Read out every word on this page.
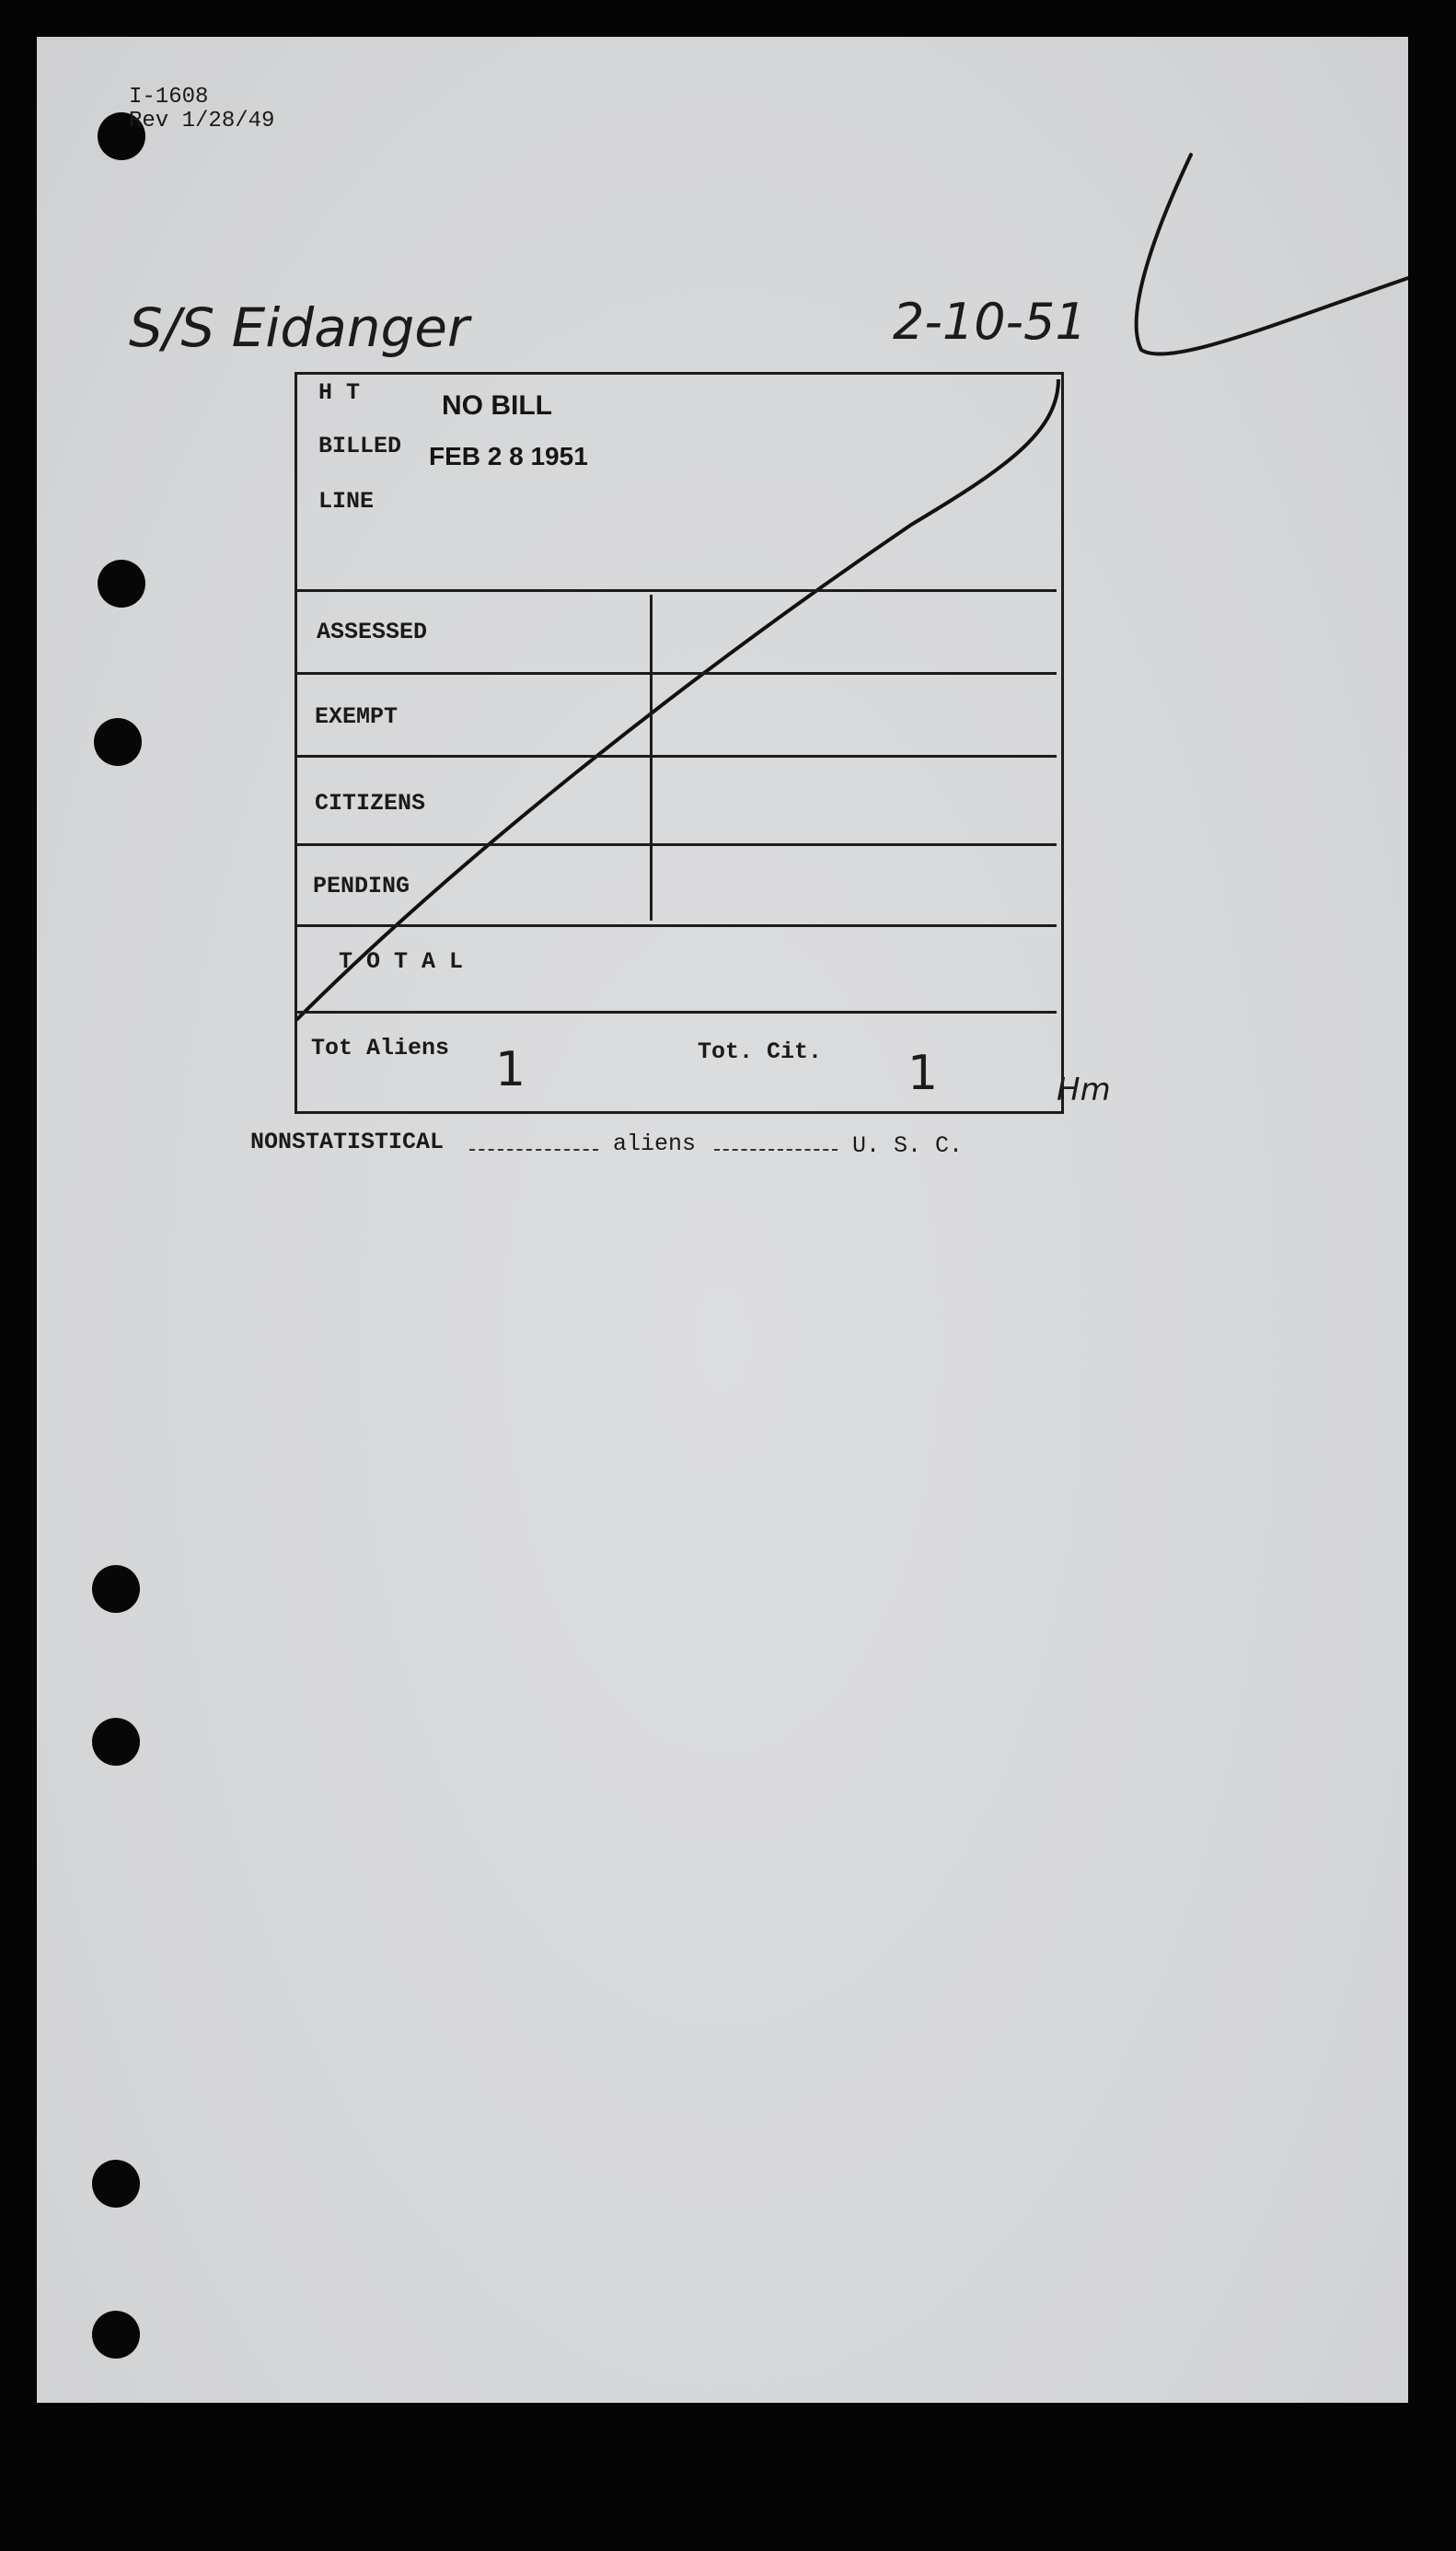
I-1608
Rev 1/28/49
S/S Eidanger	2-10-51
H T
BILLED
LINE
NO BILL
FEB 2 8 1951
ASSESSED
EXEMPT
CITIZENS
PENDING
T O T A L
Tot Aliens 1	Tot. Cit. 1	Hm
NONSTATISTICAL	aliens	U. S. C.
